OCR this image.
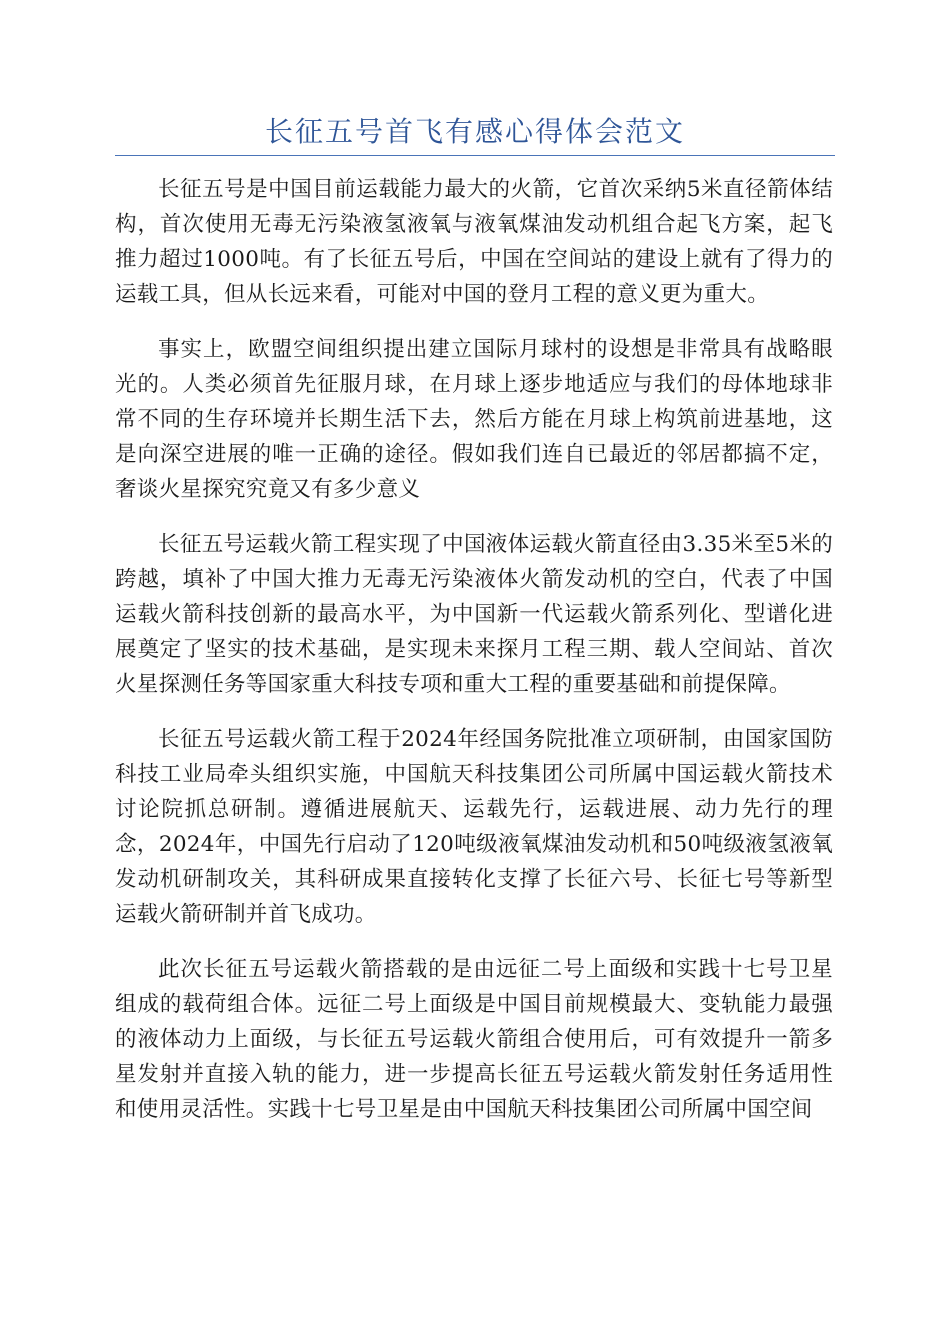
长征五号首飞有感心得体会范文

长征五号是中国目前运载能力最大的火箭，它首次采纳5米直径箭体结构，首次使用无毒无污染液氢液氧与液氧煤油发动机组合起飞方案，起飞推力超过1000吨。有了长征五号后，中国在空间站的建设上就有了得力的运载工具，但从长远来看，可能对中国的登月工程的意义更为重大。

事实上，欧盟空间组织提出建立国际月球村的设想是非常具有战略眼光的。人类必须首先征服月球，在月球上逐步地适应与我们的母体地球非常不同的生存环境并长期生活下去，然后方能在月球上构筑前进基地，这是向深空进展的唯一正确的途径。假如我们连自已最近的邻居都搞不定，奢谈火星探究究竟又有多少意义

长征五号运载火箭工程实现了中国液体运载火箭直径由3.35米至5米的跨越，填补了中国大推力无毒无污染液体火箭发动机的空白，代表了中国运载火箭科技创新的最高水平，为中国新一代运载火箭系列化、型谱化进展奠定了坚实的技术基础，是实现未来探月工程三期、载人空间站、首次火星探测任务等国家重大科技专项和重大工程的重要基础和前提保障。

长征五号运载火箭工程于2024年经国务院批准立项研制，由国家国防科技工业局牵头组织实施，中国航天科技集团公司所属中国运载火箭技术讨论院抓总研制。遵循进展航天、运载先行，运载进展、动力先行的理念，2024年，中国先行启动了120吨级液氧煤油发动机和50吨级液氢液氧发动机研制攻关，其科研成果直接转化支撑了长征六号、长征七号等新型运载火箭研制并首飞成功。

此次长征五号运载火箭搭载的是由远征二号上面级和实践十七号卫星组成的载荷组合体。远征二号上面级是中国目前规模最大、变轨能力最强的液体动力上面级，与长征五号运载火箭组合使用后，可有效提升一箭多星发射并直接入轨的能力，进一步提高长征五号运载火箭发射任务适用性和使用灵活性。实践十七号卫星是由中国航天科技集团公司所属中国空间
